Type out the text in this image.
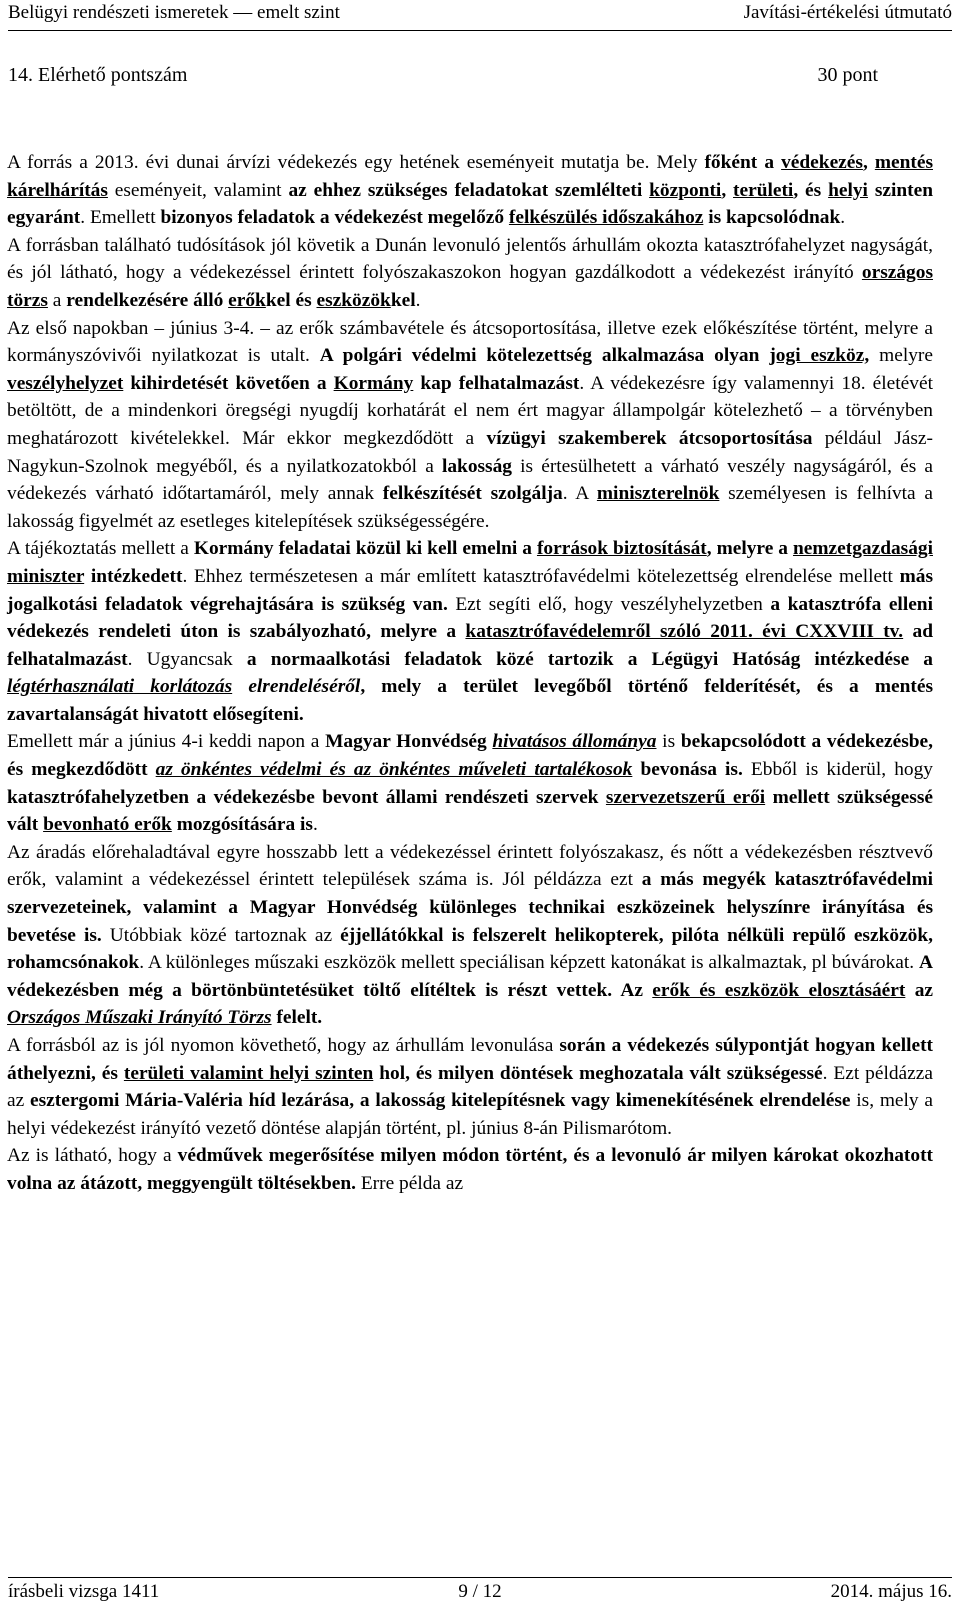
Belügyi rendészeti ismeretek — emelt szint	Javítási-értékelési útmutató
14. Elérhető pontszám	30 pont

A forrás a 2013. évi dunai árvízi védekezés egy hetének eseményeit mutatja be. Mely főként a védekezés, mentés kárelhárítás eseményeit, valamint az ehhez szükséges feladatokat szemlélteti központi, területi, és helyi szinten egyaránt. Emellett bizonyos feladatok a védekezést megelőző felkészülés időszakához is kapcsolódnak.

A forrásban található tudósítások jól követik a Dunán levonuló jelentős árhullám okozta katasztrófahelyzet nagyságát, és jól látható, hogy a védekezéssel érintett folyószakaszokon hogyan gazdálkodott a védekezést irányító országos törzs a rendelkezésére álló erőkkel és eszközökkel.

Az első napokban – június 3-4. – az erők számbavétele és átcsoportosítása, illetve ezek előkészítése történt, melyre a kormányszóvivői nyilatkozat is utalt. A polgári védelmi kötelezettség alkalmazása olyan jogi eszköz, melyre veszélyhelyzet kihirdetését követően a Kormány kap felhatalmazást. A védekezésre így valamennyi 18. életévét betöltött, de a mindenkori öregségi nyugdíj korhatárát el nem ért magyar állampolgár kötelezhető – a törvényben meghatározott kivételekkel. Már ekkor megkezdődött a vízügyi szakemberek átcsoportosítása például Jász-Nagykun-Szolnok megyéből, és a nyilatkozatokból a lakosság is értesülhetett a várható veszély nagyságáról, és a védekezés várható időtartamáról, mely annak felkészítését szolgálja. A miniszterelnök személyesen is felhívta a lakosság figyelmét az esetleges kitelepítések szükségességére.

A tájékoztatás mellett a Kormány feladatai közül ki kell emelni a források biztosítását, melyre a nemzetgazdasági miniszter intézkedett. Ehhez természetesen a már említett katasztrófavédelmi kötelezettség elrendelése mellett más jogalkotási feladatok végrehajtására is szükség van. Ezt segíti elő, hogy veszélyhelyzetben a katasztrófa elleni védekezés rendeleti úton is szabályozható, melyre a katasztrófavédelemről szóló 2011. évi CXXVIII tv. ad felhatalmazást. Ugyancsak a normaalkotási feladatok közé tartozik a Légügyi Hatóság intézkedése a légtérhasználati korlátozás elrendeléséről, mely a terület levegőből történő felderítését, és a mentés zavartalanságát hivatott elősegíteni.

Emellett már a június 4-i keddi napon a Magyar Honvédség hivatásos állománya is bekapcsolódott a védekezésbe, és megkezdődött az önkéntes védelmi és az önkéntes műveleti tartalékosok bevonása is. Ebből is kiderül, hogy katasztrófahelyzetben a védekezésbe bevont állami rendészeti szervek szervezetszerű erői mellett szükségessé vált bevonható erők mozgósítására is.

Az áradás előrehaladtával egyre hosszabb lett a védekezéssel érintett folyószakasz, és nőtt a védekezésben résztvevő erők, valamint a védekezéssel érintett települések száma is. Jól példázza ezt a más megyék katasztrófavédelmi szervezeteinek, valamint a Magyar Honvédség különleges technikai eszközeinek helyszínre irányítása és bevetése is. Utóbbiak közé tartoznak az éjjellátókkal is felszerelt helikopterek, pilóta nélküli repülő eszközök, rohamcsónakok. A különleges műszaki eszközök mellett speciálisan képzett katonákat is alkalmaztak, pl búvárokat. A védekezésben még a börtönbüntetésüket töltő elítéltek is részt vettek. Az erők és eszközök elosztásáért az Országos Műszaki Irányító Törzs felelt.

A forrásból az is jól nyomon követhető, hogy az árhullám levonulása során a védekezés súlypontját hogyan kellett áthelyezni, és területi valamint helyi szinten hol, és milyen döntések meghozatala vált szükségessé. Ezt példázza az esztergomi Mária-Valéria híd lezárása, a lakosság kitelepítésnek vagy kimenekítésének elrendelése is, mely a helyi védekezést irányító vezető döntése alapján történt, pl. június 8-án Pilismarótom.

Az is látható, hogy a védművek megerősítése milyen módon történt, és a levonuló ár milyen károkat okozhatott volna az átázott, meggyengült töltésekben. Erre példa az

írásbeli vizsga 1411	9 / 12	2014. május 16.
